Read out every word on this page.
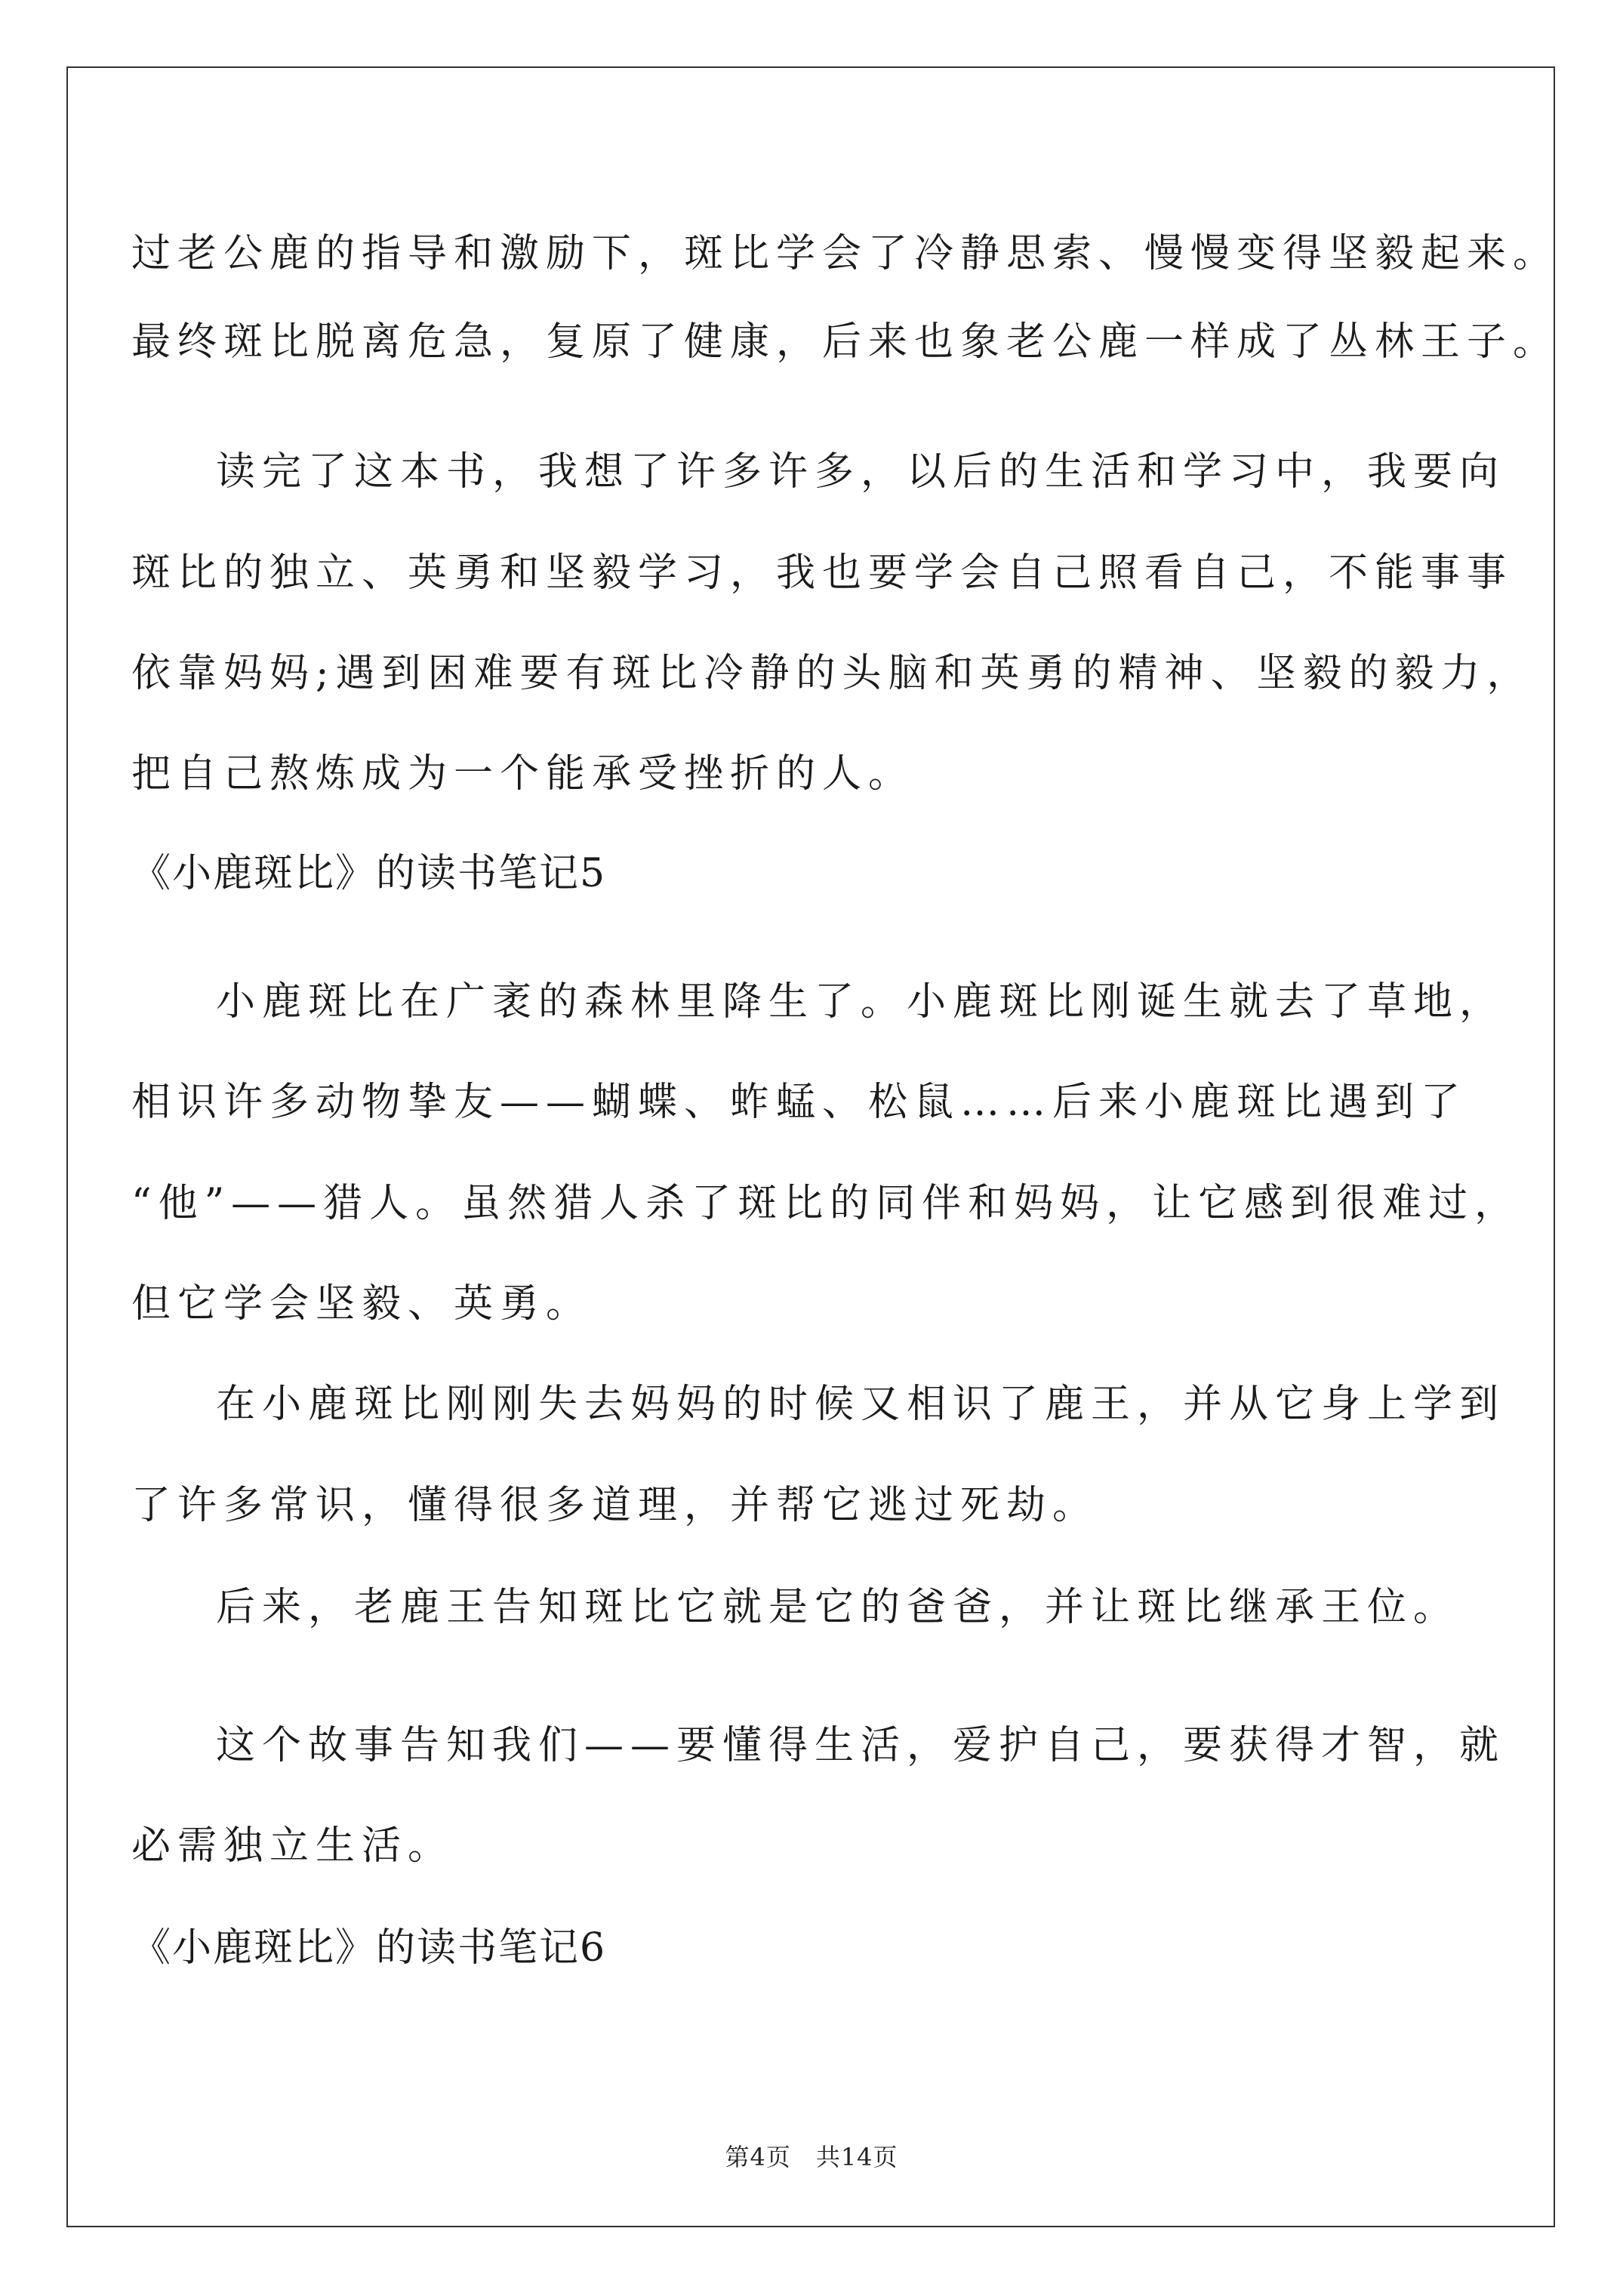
过老公鹿的指导和激励下，斑比学会了冷静思索、慢慢变得坚毅起来。
最终斑比脱离危急，复原了健康，后来也象老公鹿一样成了丛林王子。
读完了这本书，我想了许多许多，以后的生活和学习中，我要向
斑比的独立、英勇和坚毅学习，我也要学会自己照看自己，不能事事
依靠妈妈;遇到困难要有斑比冷静的头脑和英勇的精神、坚毅的毅力，
把自己熬炼成为一个能承受挫折的人。
《小鹿斑比》的读书笔记5
小鹿斑比在广袤的森林里降生了。小鹿斑比刚诞生就去了草地，
相识许多动物挚友——蝴蝶、蚱蜢、松鼠……后来小鹿斑比遇到了
“他”——猎人。虽然猎人杀了斑比的同伴和妈妈，让它感到很难过，
但它学会坚毅、英勇。
在小鹿斑比刚刚失去妈妈的时候又相识了鹿王，并从它身上学到
了许多常识，懂得很多道理，并帮它逃过死劫。
后来，老鹿王告知斑比它就是它的爸爸，并让斑比继承王位。
这个故事告知我们——要懂得生活，爱护自己，要获得才智，就
必需独立生活。
《小鹿斑比》的读书笔记6
第4页　共14页
